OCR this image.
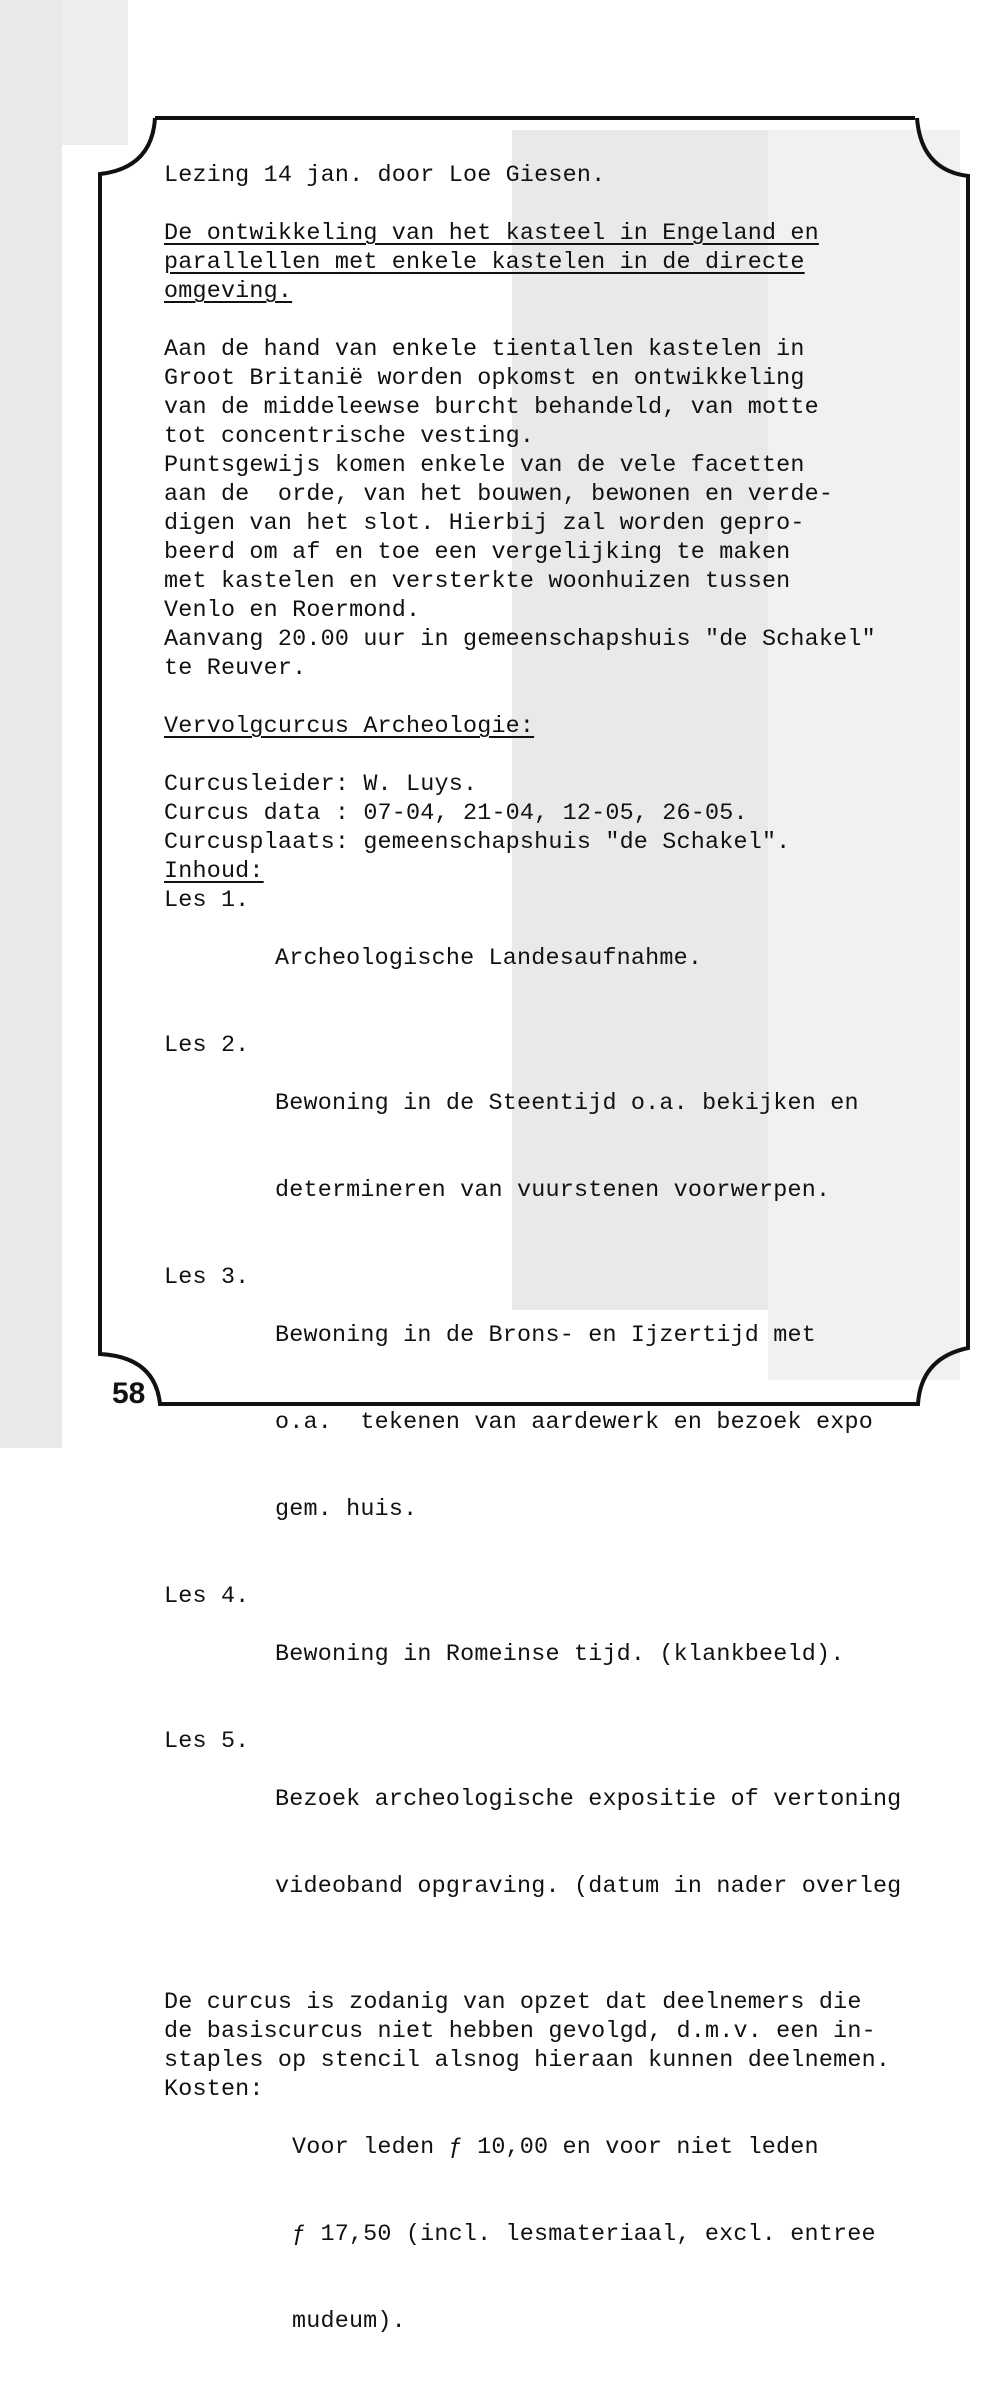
Lezing 14 jan. door Loe Giesen.
De ontwikkeling van het kasteel in Engeland en
parallellen met enkele kastelen in de directe
omgeving.
Aan de hand van enkele tientallen kastelen in
Groot Britanië worden opkomst en ontwikkeling
van de middeleewse burcht behandeld, van motte
tot concentrische vesting.
Puntsgewijs komen enkele van de vele facetten
aan de  orde, van het bouwen, bewonen en verde-
digen van het slot. Hierbij zal worden gepro-
beerd om af en toe een vergelijking te maken
met kastelen en versterkte woonhuizen tussen
Venlo en Roermond.
Aanvang 20.00 uur in gemeenschapshuis "de Schakel"
te Reuver.
Vervolgcurcus Archeologie:
Curcusleider: W. Luys.
Curcus data : 07-04, 21-04, 12-05, 26-05.
Curcusplaats: gemeenschapshuis "de Schakel".
Inhoud:
Les 1.

Archeologische Landesaufnahme.

Les 2.

Bewoning in de Steentijd o.a. bekijken en

determineren van vuurstenen voorwerpen.

Les 3.

Bewoning in de Brons- en Ijzertijd met

o.a.  tekenen van aardewerk en bezoek expo

gem. huis.

Les 4.

Bewoning in Romeinse tijd. (klankbeeld).

Les 5.

Bezoek archeologische expositie of vertoning

videoband opgraving. (datum in nader overleg

De curcus is zodanig van opzet dat deelnemers die
de basiscurcus niet hebben gevolgd, d.m.v. een in-
staples op stencil alsnog hieraan kunnen deelnemen.
Kosten:

Voor leden ƒ 10,00 en voor niet leden

ƒ 17,50 (incl. lesmateriaal, excl. entree

mudeum).

58
